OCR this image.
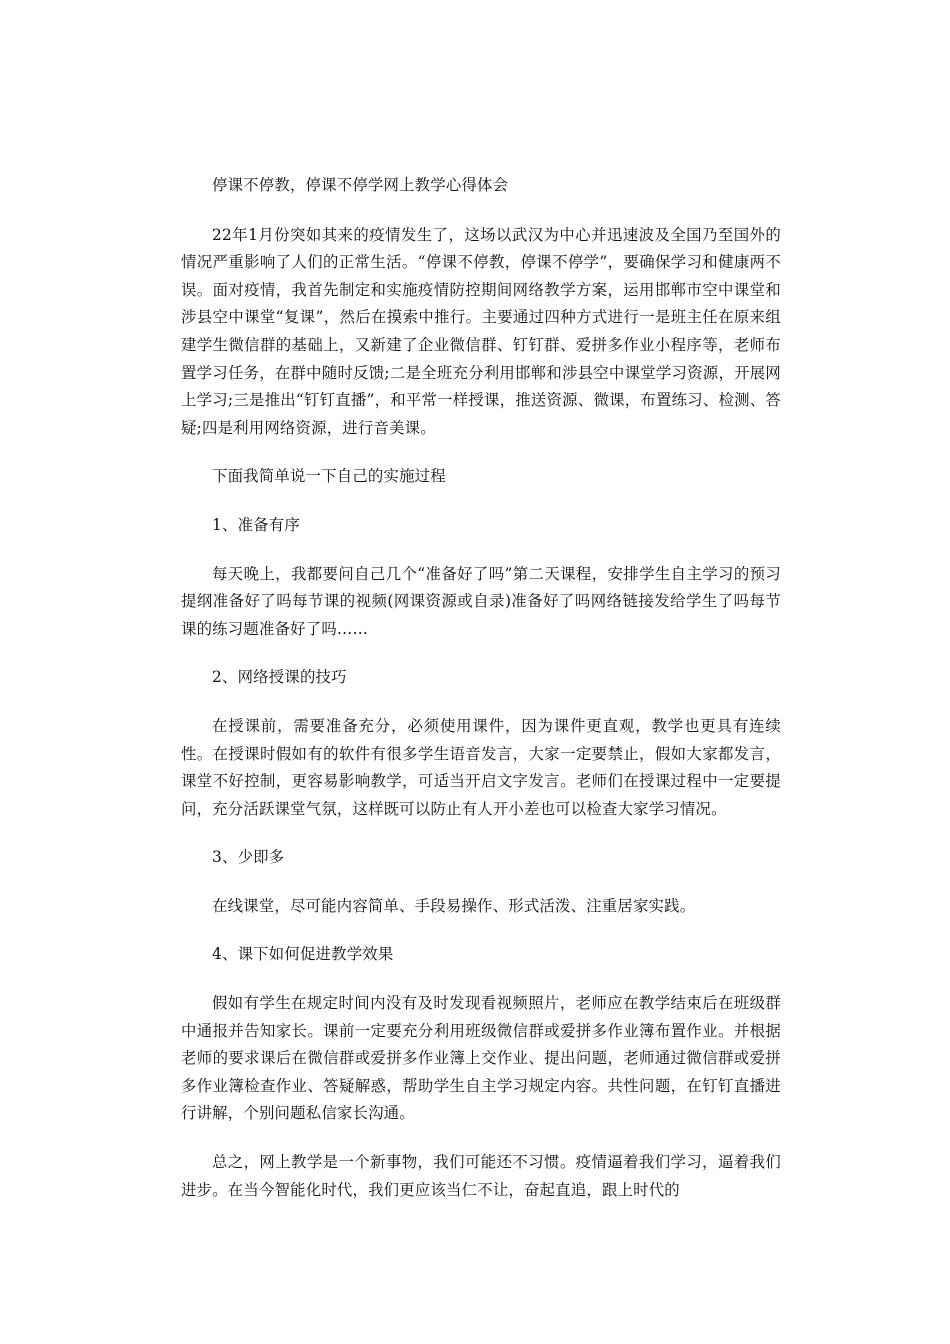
停课不停教，停课不停学网上教学心得体会

22年1月份突如其来的疫情发生了，这场以武汉为中心并迅速波及全国乃至国外的情况严重影响了人们的正常生活。“停课不停教，停课不停学”，要确保学习和健康两不误。面对疫情，我首先制定和实施疫情防控期间网络教学方案，运用邯郸市空中课堂和涉县空中课堂“复课”，然后在摸索中推行。主要通过四种方式进行一是班主任在原来组建学生微信群的基础上，又新建了企业微信群、钉钉群、爱拼多作业小程序等，老师布置学习任务，在群中随时反馈;二是全班充分利用邯郸和涉县空中课堂学习资源，开展网上学习;三是推出“钉钉直播”，和平常一样授课，推送资源、微课，布置练习、检测、答疑;四是利用网络资源，进行音美课。

下面我简单说一下自己的实施过程

1、准备有序

每天晚上，我都要问自己几个“准备好了吗”第二天课程，安排学生自主学习的预习提纲准备好了吗每节课的视频(网课资源或自录)准备好了吗网络链接发给学生了吗每节课的练习题准备好了吗……

2、网络授课的技巧

在授课前，需要准备充分，必须使用课件，因为课件更直观，教学也更具有连续性。在授课时假如有的软件有很多学生语音发言，大家一定要禁止，假如大家都发言，课堂不好控制，更容易影响教学，可适当开启文字发言。老师们在授课过程中一定要提问，充分活跃课堂气氛，这样既可以防止有人开小差也可以检查大家学习情况。

3、少即多

在线课堂，尽可能内容简单、手段易操作、形式活泼、注重居家实践。

4、课下如何促进教学效果

假如有学生在规定时间内没有及时发现看视频照片，老师应在教学结束后在班级群中通报并告知家长。课前一定要充分利用班级微信群或爱拼多作业簿布置作业。并根据老师的要求课后在微信群或爱拼多作业簿上交作业、提出问题，老师通过微信群或爱拼多作业簿检查作业、答疑解惑，帮助学生自主学习规定内容。共性问题，在钉钉直播进行讲解，个别问题私信家长沟通。

总之，网上教学是一个新事物，我们可能还不习惯。疫情逼着我们学习，逼着我们进步。在当今智能化时代，我们更应该当仁不让，奋起直追，跟上时代的
